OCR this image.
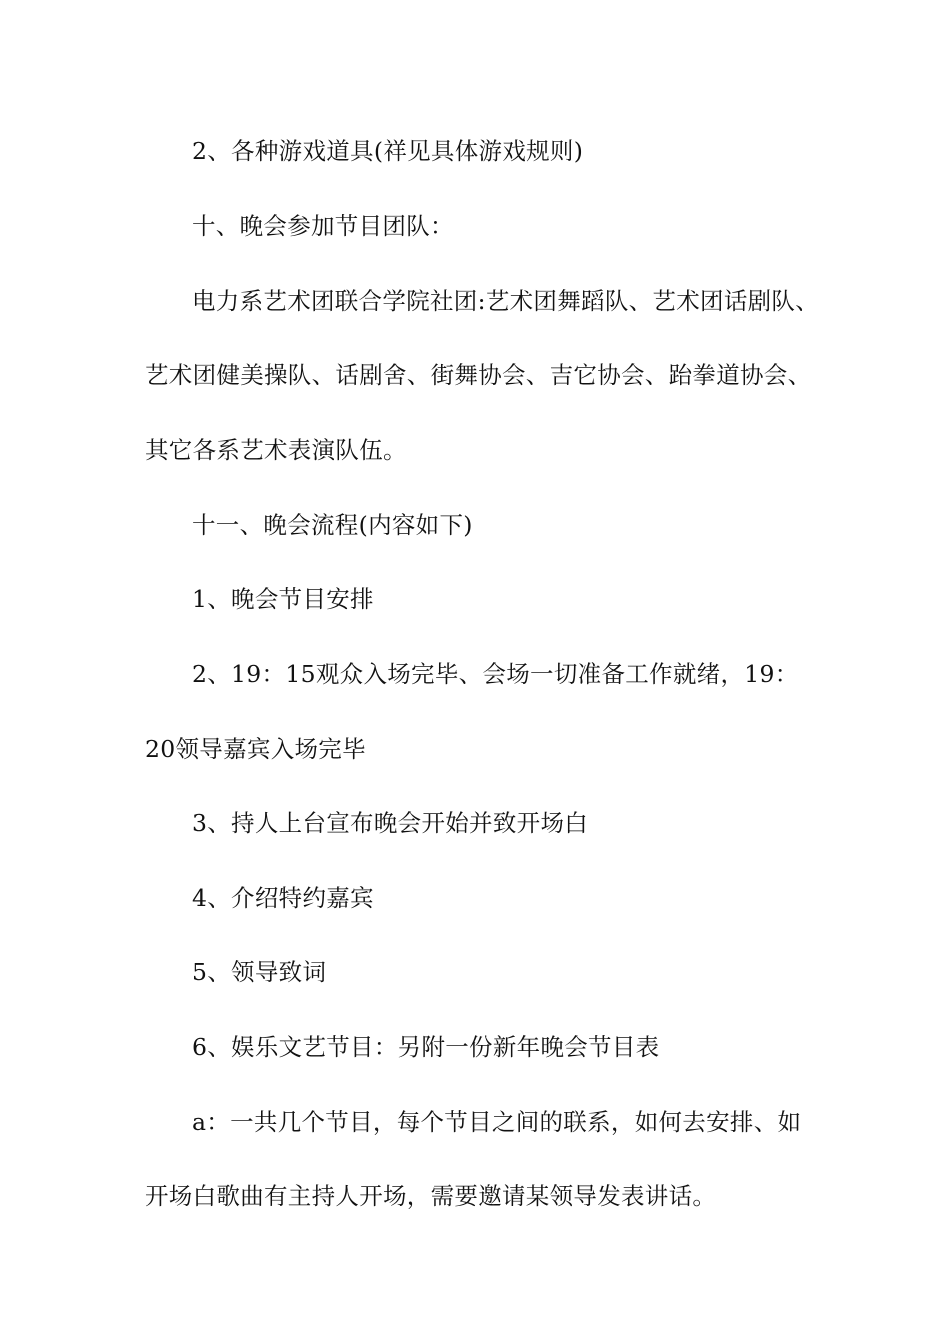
2、各种游戏道具(祥见具体游戏规则)
十、晚会参加节目团队：
电力系艺术团联合学院社团:艺术团舞蹈队、艺术团话剧队、
艺术团健美操队、话剧舍、街舞协会、吉它协会、跆拳道协会、
其它各系艺术表演队伍。
十一、晚会流程(内容如下)
1、晚会节目安排
2、19：15观众入场完毕、会场一切准备工作就绪，19：
20领导嘉宾入场完毕
3、持人上台宣布晚会开始并致开场白
4、介绍特约嘉宾
5、领导致词
6、娱乐文艺节目：另附一份新年晚会节目表
a：一共几个节目，每个节目之间的联系，如何去安排、如
开场白歌曲有主持人开场，需要邀请某领导发表讲话。
